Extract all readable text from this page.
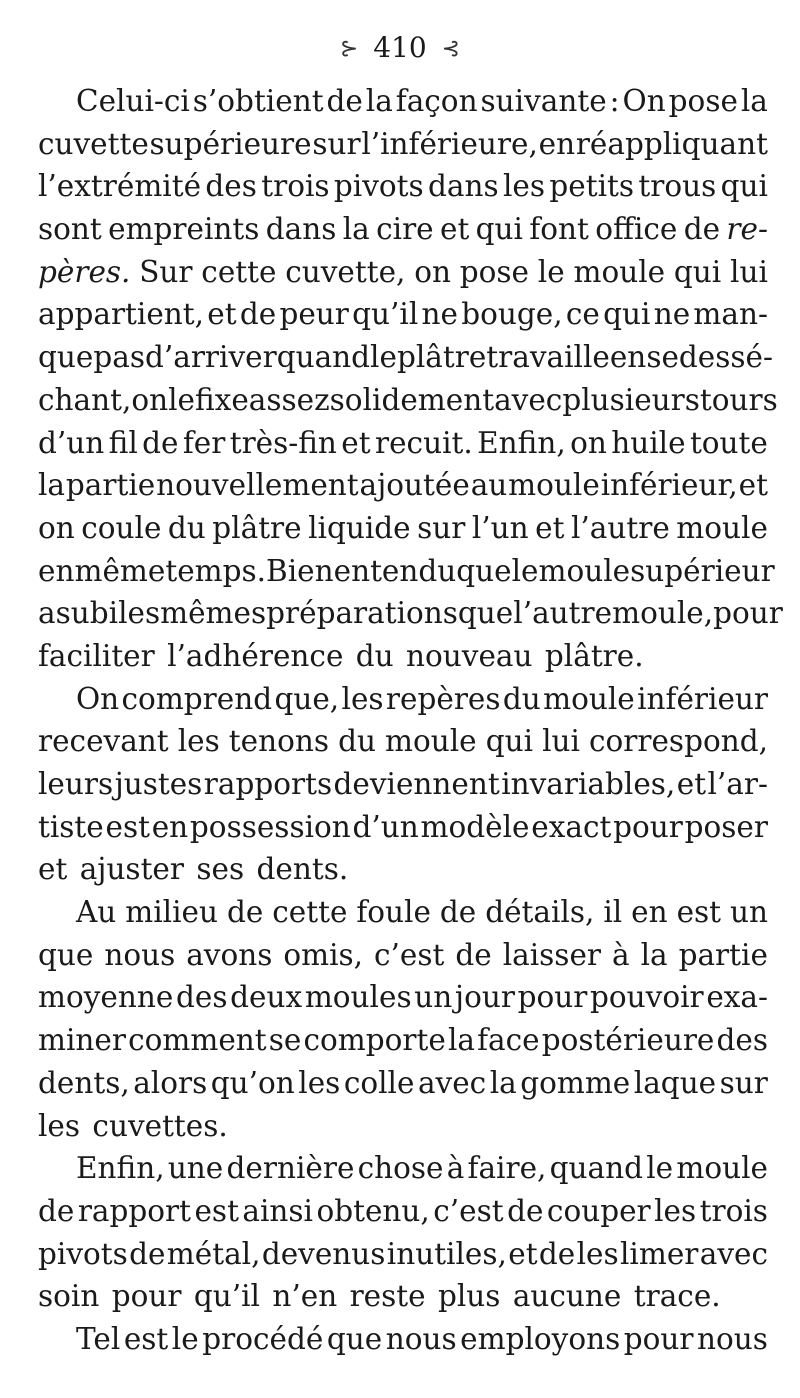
⊱ 410 ⊰
Celui-ci s’obtient de la façon suivante : On pose la
cuvette supérieure sur l’inférieure, en réappliquant
l’extrémité des trois pivots dans les petits trous qui
sont empreints dans la cire et qui font office de re-
pères. Sur cette cuvette, on pose le moule qui lui
appartient, et de peur qu’il ne bouge, ce qui ne man-
que pas d’arriver quand le plâtre travaille en se dessé-
chant, on le fixe assez solidement avec plusieurs tours
d’un fil de fer très-fin et recuit. Enfin, on huile toute
la partie nouvellement ajoutée au moule inférieur, et
on coule du plâtre liquide sur l’un et l’autre moule
en même temps. Bien entendu que le moule supérieur
a subi les mêmes préparations que l’autre moule, pour
faciliter l’adhérence du nouveau plâtre.
On comprend que, les repères du moule inférieur
recevant les tenons du moule qui lui correspond,
leurs justes rapports deviennent invariables, et l’ar-
tiste est en possession d’un modèle exact pour poser
et ajuster ses dents.
Au milieu de cette foule de détails, il en est un
que nous avons omis, c’est de laisser à la partie
moyenne des deux moules un jour pour pouvoir exa-
miner comment se comporte la face postérieure des
dents, alors qu’on les colle avec la gomme laque sur
les cuvettes.
Enfin, une dernière chose à faire, quand le moule
de rapport est ainsi obtenu, c’est de couper les trois
pivots de métal, devenus inutiles, et de les limer avec
soin pour qu’il n’en reste plus aucune trace.
Tel est le procédé que nous employons pour nous
